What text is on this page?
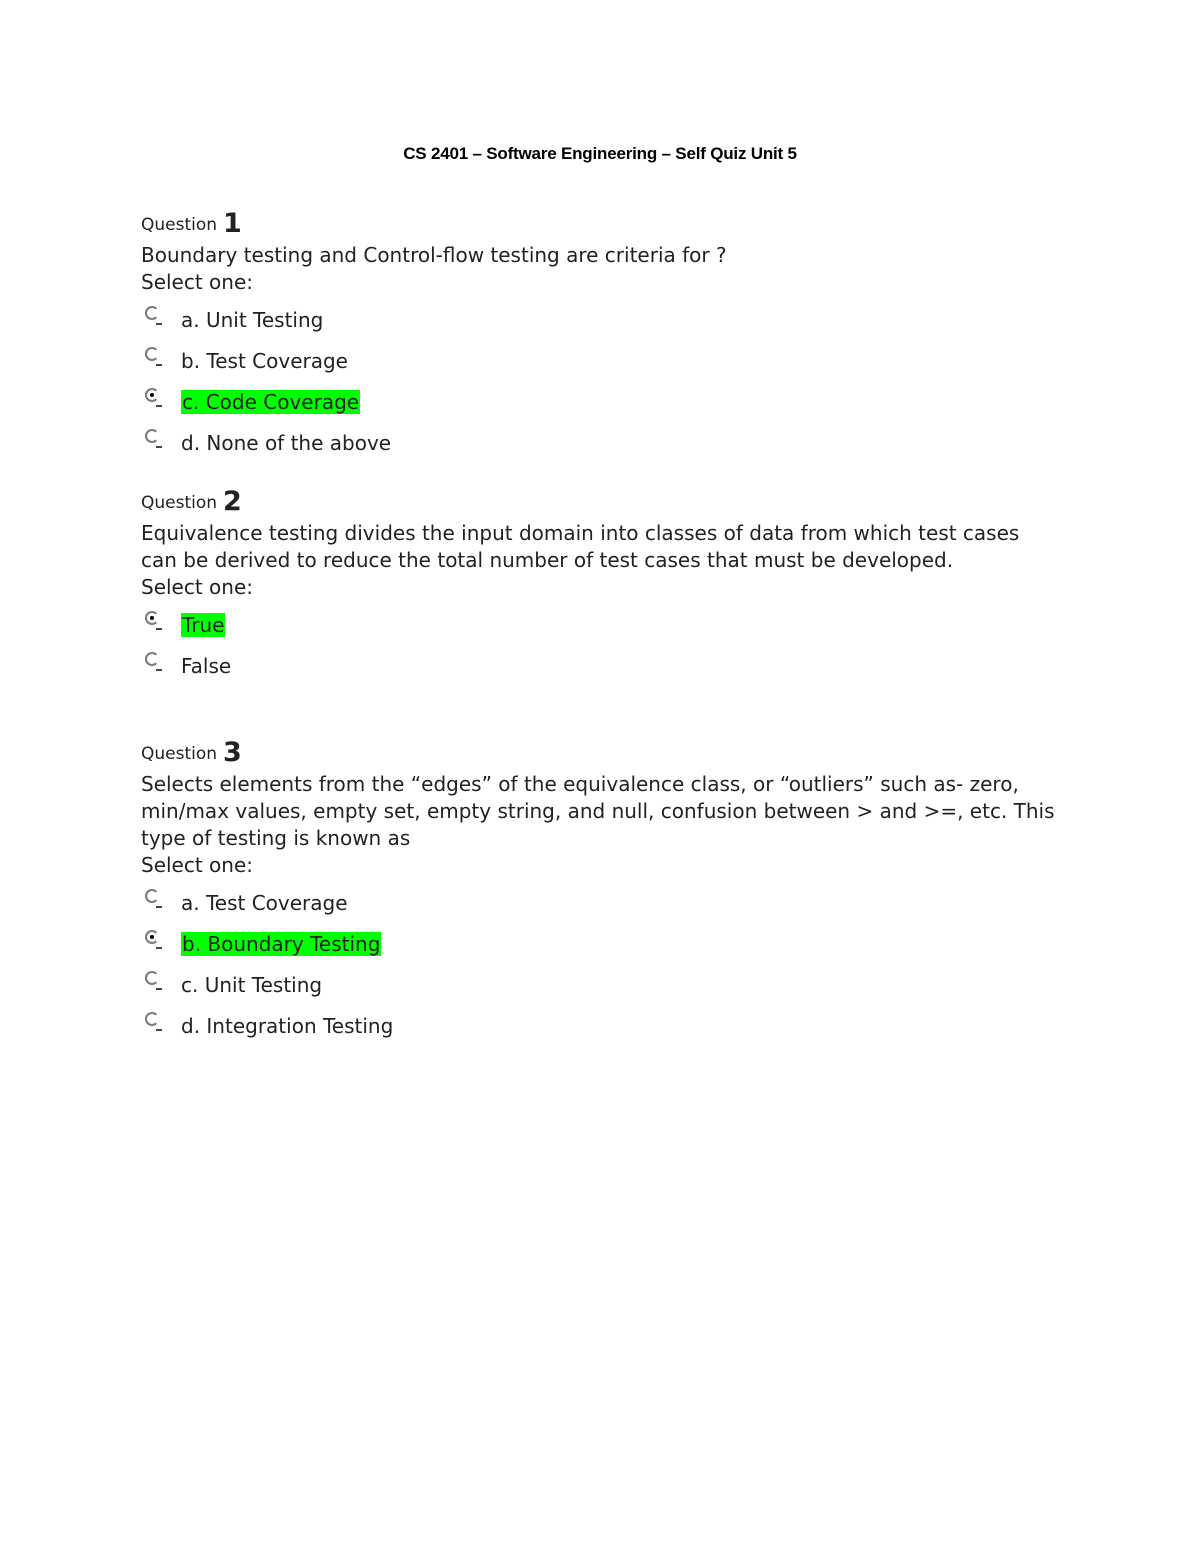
CS 2401 – Software Engineering – Self Quiz Unit 5
Question 1
Boundary testing and Control-flow testing are criteria for ?
Select one:
a. Unit Testing
b. Test Coverage
c. Code Coverage
d. None of the above
Question 2
Equivalence testing divides the input domain into classes of data from which test cases can be derived to reduce the total number of test cases that must be developed.
Select one:
True
False
Question 3
Selects elements from the “edges” of the equivalence class, or “outliers” such as- zero, min/max values, empty set, empty string, and null, confusion between > and >=, etc. This type of testing is known as
Select one:
a. Test Coverage
b. Boundary Testing
c. Unit Testing
d. Integration Testing
